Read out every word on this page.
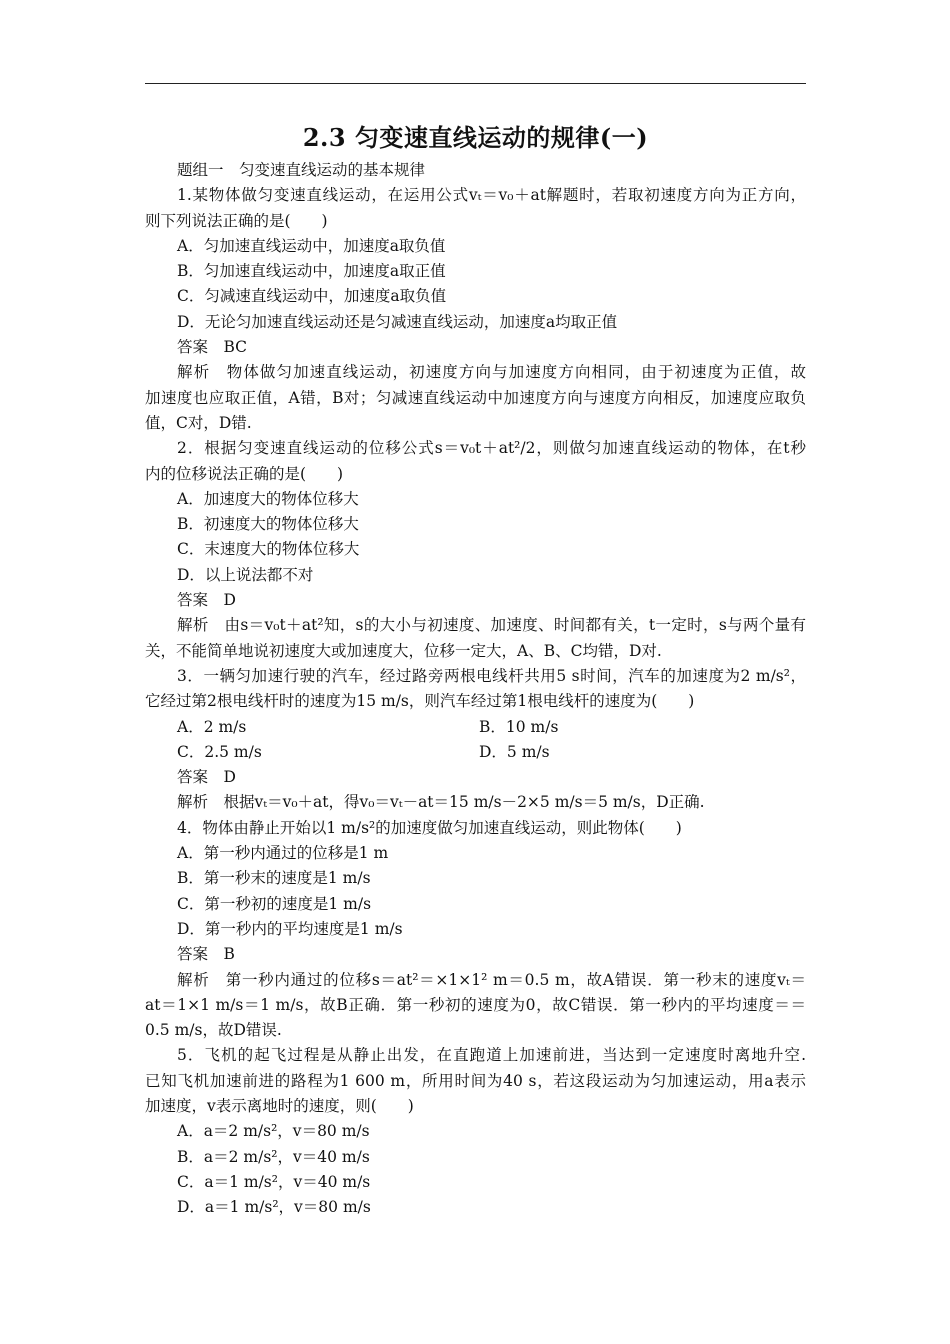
2.3 匀变速直线运动的规律(一)
题组一　匀变速直线运动的基本规律
1.某物体做匀变速直线运动，在运用公式vₜ＝v₀＋at解题时，若取初速度方向为正方向，
则下列说法正确的是(　　)
A．匀加速直线运动中，加速度a取负值
B．匀加速直线运动中，加速度a取正值
C．匀减速直线运动中，加速度a取负值
D．无论匀加速直线运动还是匀减速直线运动，加速度a均取正值
答案　BC
解析　物体做匀加速直线运动，初速度方向与加速度方向相同，由于初速度为正值，故
加速度也应取正值，A错，B对；匀减速直线运动中加速度方向与速度方向相反，加速度应取负
值，C对，D错.
2．根据匀变速直线运动的位移公式s＝v₀t＋at²/2，则做匀加速直线运动的物体，在t秒
内的位移说法正确的是(　　)
A．加速度大的物体位移大
B．初速度大的物体位移大
C．末速度大的物体位移大
D．以上说法都不对
答案　D
解析　由s＝v₀t＋at²知，s的大小与初速度、加速度、时间都有关，t一定时，s与两个量有
关，不能简单地说初速度大或加速度大，位移一定大，A、B、C均错，D对.
3．一辆匀加速行驶的汽车，经过路旁两根电线杆共用5 s时间，汽车的加速度为2 m/s²，
它经过第2根电线杆时的速度为15 m/s，则汽车经过第1根电线杆的速度为(　　)
A．2 m/s	B．10 m/s
C．2.5 m/s	D．5 m/s
答案　D
解析　根据vₜ＝v₀＋at，得v₀＝vₜ－at＝15 m/s－2×5 m/s＝5 m/s，D正确.
4．物体由静止开始以1 m/s²的加速度做匀加速直线运动，则此物体(　　)
A．第一秒内通过的位移是1 m
B．第一秒末的速度是1 m/s
C．第一秒初的速度是1 m/s
D．第一秒内的平均速度是1 m/s
答案　B
解析　第一秒内通过的位移s＝at²＝×1×1² m＝0.5 m，故A错误．第一秒末的速度vₜ＝
at＝1×1 m/s＝1 m/s，故B正确．第一秒初的速度为0，故C错误．第一秒内的平均速度＝＝
0.5 m/s，故D错误.
5．飞机的起飞过程是从静止出发，在直跑道上加速前进，当达到一定速度时离地升空.
已知飞机加速前进的路程为1 600 m，所用时间为40 s，若这段运动为匀加速运动，用a表示
加速度，v表示离地时的速度，则(　　)
A．a＝2 m/s²，v＝80 m/s
B．a＝2 m/s²，v＝40 m/s
C．a＝1 m/s²，v＝40 m/s
D．a＝1 m/s²，v＝80 m/s
